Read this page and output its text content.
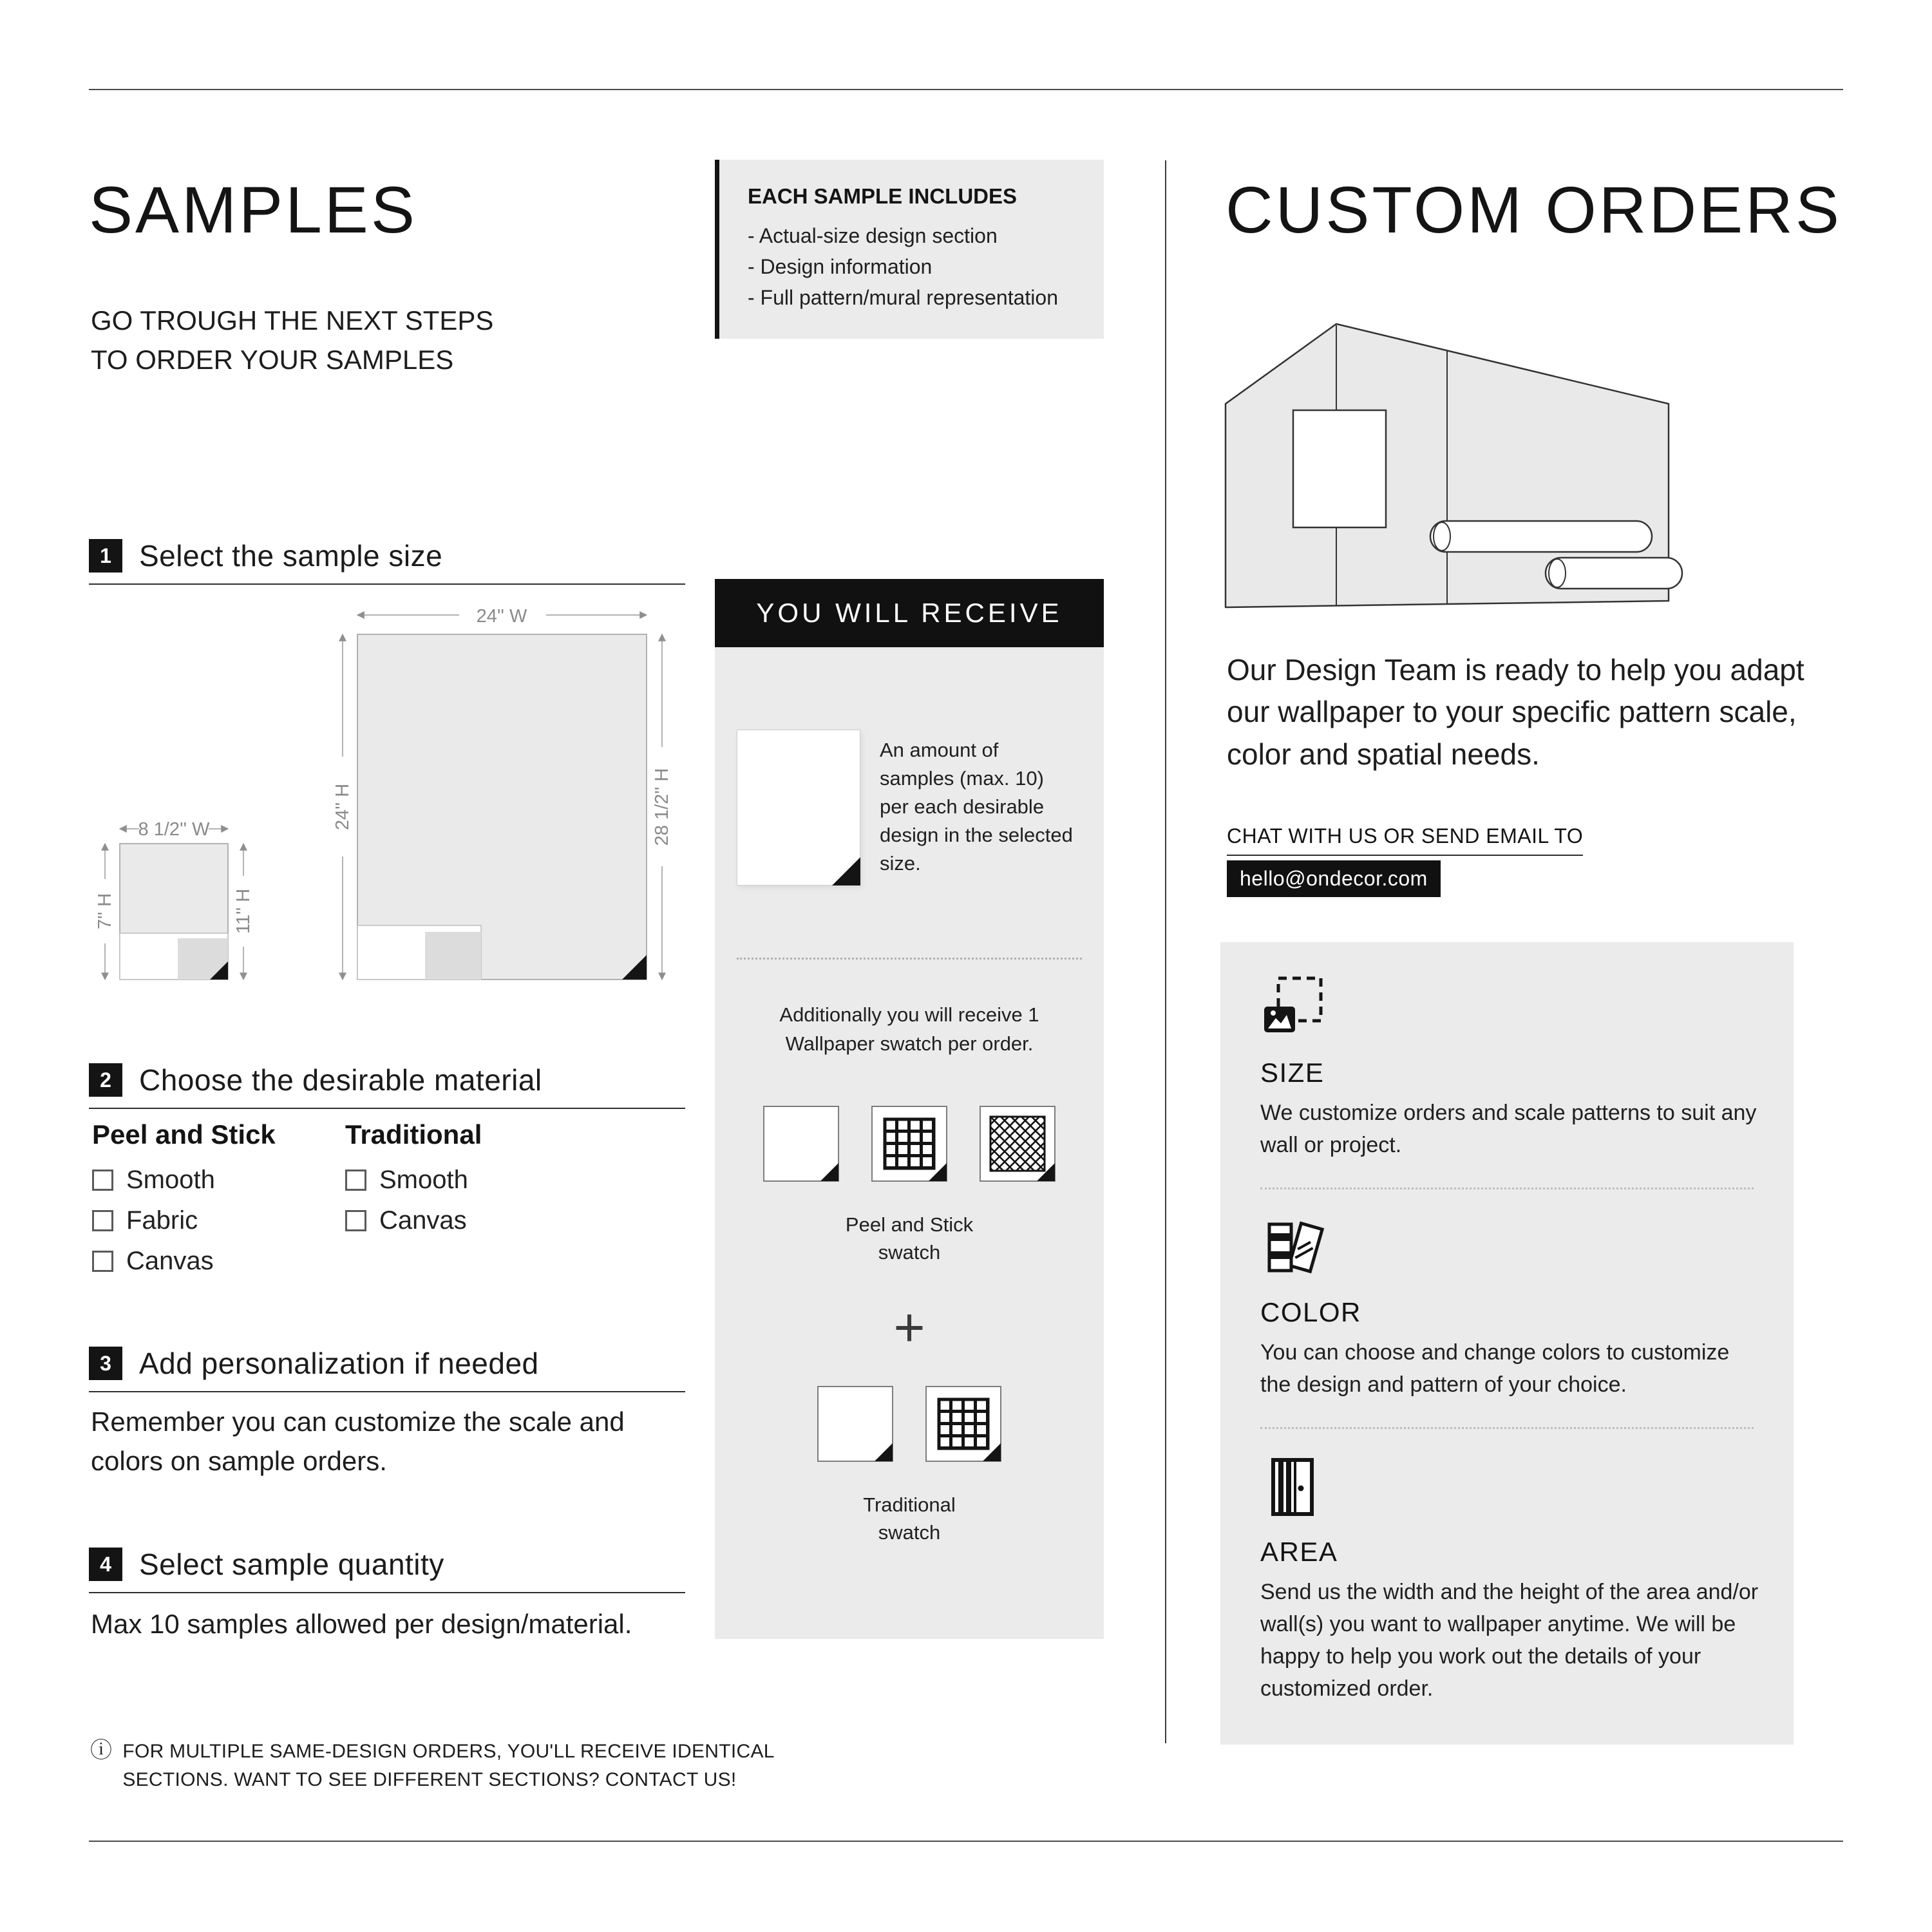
SAMPLES
GO TROUGH THE NEXT STEPS
TO ORDER YOUR SAMPLES
EACH SAMPLE INCLUDES
- Actual-size design section
- Design information
- Full pattern/mural representation
1 Select the sample size
24'' W
8 1/2'' W	24'' H	28 1/2'' H
7'' H	11'' H
2 Choose the desirable material
Peel and Stick
Smooth
Fabric
Canvas
Traditional
Smooth
Canvas
3 Add personalization if needed
Remember you can customize the scale and colors on sample orders.
4 Select sample quantity
Max 10 samples allowed per design/material.
ⓘ FOR MULTIPLE SAME-DESIGN ORDERS, YOU'LL RECEIVE IDENTICAL
SECTIONS. WANT TO SEE DIFFERENT SECTIONS? CONTACT US!
YOU WILL RECEIVE
An amount of samples (max. 10) per each desirable design in the selected size.
Additionally you will receive 1 Wallpaper swatch per order.
Peel and Stick
swatch
+
Traditional
swatch
CUSTOM ORDERS
Our Design Team is ready to help you adapt our wallpaper to your specific pattern scale, color and spatial needs.
CHAT WITH US OR SEND EMAIL TO
hello@ondecor.com
SIZE
We customize orders and scale patterns to suit any wall or project.
COLOR
You can choose and change colors to customize the design and pattern of your choice.
AREA
Send us the width and the height of the area and/or wall(s) you want to wallpaper anytime. We will be happy to help you work out the details of your customized order.
